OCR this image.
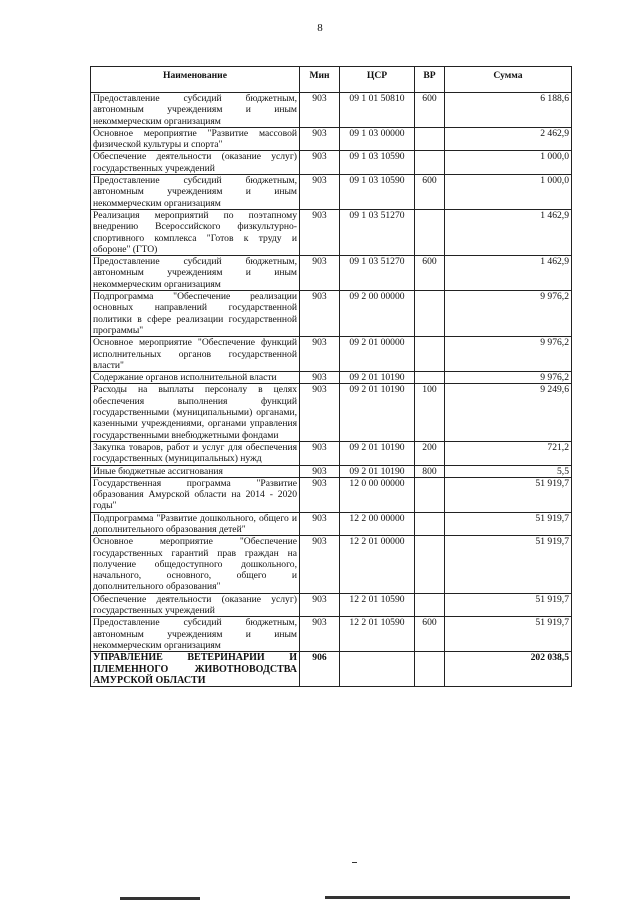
8
Наименование	Мин	ЦСР	ВР	Сумма
Предоставление субсидий бюджетным, автономным учреждениям и иным некоммерческим организациям	903	09 1 01 50810	600	6 188,6
Основное мероприятие "Развитие массовой физической культуры и спорта"	903	09 1 03 00000		2 462,9
Обеспечение деятельности (оказание услуг) государственных учреждений	903	09 1 03 10590		1 000,0
Предоставление субсидий бюджетным, автономным учреждениям и иным некоммерческим организациям	903	09 1 03 10590	600	1 000,0
Реализация мероприятий по поэтапному внедрению Всероссийского физкультурно-спортивного комплекса "Готов к труду и обороне" (ГТО)	903	09 1 03 51270		1 462,9
Предоставление субсидий бюджетным, автономным учреждениям и иным некоммерческим организациям	903	09 1 03 51270	600	1 462,9
Подпрограмма "Обеспечение реализации основных направлений государственной политики в сфере реализации государственной программы"	903	09 2 00 00000		9 976,2
Основное мероприятие "Обеспечение функций исполнительных органов государственной власти"	903	09 2 01 00000		9 976,2
Содержание органов исполнительной власти	903	09 2 01 10190		9 976,2
Расходы на выплаты персоналу в целях обеспечения выполнения функций государственными (муниципальными) органами, казенными учреждениями, органами управления государственными внебюджетными фондами	903	09 2 01 10190	100	9 249,6
Закупка товаров, работ и услуг для обеспечения государственных (муниципальных) нужд	903	09 2 01 10190	200	721,2
Иные бюджетные ассигнования	903	09 2 01 10190	800	5,5
Государственная программа "Развитие образования Амурской области на 2014 - 2020 годы"	903	12 0 00 00000		51 919,7
Подпрограмма "Развитие дошкольного, общего и дополнительного образования детей"	903	12 2 00 00000		51 919,7
Основное мероприятие "Обеспечение государственных гарантий прав граждан на получение общедоступного дошкольного, начального, основного, общего и дополнительного образования"	903	12 2 01 00000		51 919,7
Обеспечение деятельности (оказание услуг) государственных учреждений	903	12 2 01 10590		51 919,7
Предоставление субсидий бюджетным, автономным учреждениям и иным некоммерческим организациям	903	12 2 01 10590	600	51 919,7
УПРАВЛЕНИЕ ВЕТЕРИНАРИИ И ПЛЕМЕННОГО ЖИВОТНОВОДСТВА АМУРСКОЙ ОБЛАСТИ	906			202 038,5
